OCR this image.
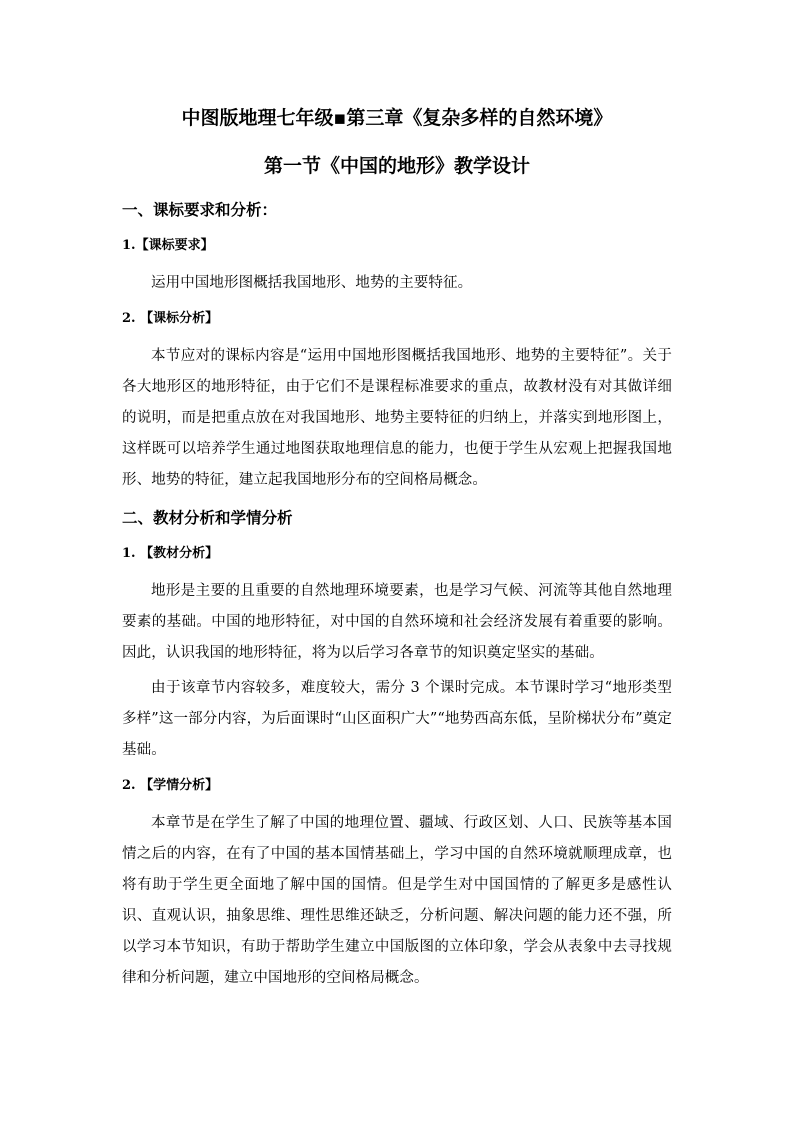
中图版地理七年级▪第三章《复杂多样的自然环境》
第一节《中国的地形》教学设计
一、课标要求和分析：
1.【课标要求】

运用中国地形图概括我国地形、地势的主要特征。

2. 【课标分析】

本节应对的课标内容是“运用中国地形图概括我国地形、地势的主要特征”。关于各大地形区的地形特征，由于它们不是课程标准要求的重点，故教材没有对其做详细的说明，而是把重点放在对我国地形、地势主要特征的归纳上，并落实到地形图上，这样既可以培养学生通过地图获取地理信息的能力，也便于学生从宏观上把握我国地形、地势的特征，建立起我国地形分布的空间格局概念。

二、教材分析和学情分析
1. 【教材分析】

地形是主要的且重要的自然地理环境要素，也是学习气候、河流等其他自然地理要素的基础。中国的地形特征，对中国的自然环境和社会经济发展有着重要的影响。因此，认识我国的地形特征，将为以后学习各章节的知识奠定坚实的基础。

由于该章节内容较多，难度较大，需分 3 个课时完成。本节课时学习“地形类型多样”这一部分内容，为后面课时“山区面积广大”“地势西高东低，呈阶梯状分布”奠定基础。

2. 【学情分析】

本章节是在学生了解了中国的地理位置、疆域、行政区划、人口、民族等基本国情之后的内容，在有了中国的基本国情基础上，学习中国的自然环境就顺理成章，也将有助于学生更全面地了解中国的国情。但是学生对中国国情的了解更多是感性认识、直观认识，抽象思维、理性思维还缺乏，分析问题、解决问题的能力还不强，所以学习本节知识，有助于帮助学生建立中国版图的立体印象，学会从表象中去寻找规律和分析问题，建立中国地形的空间格局概念。
